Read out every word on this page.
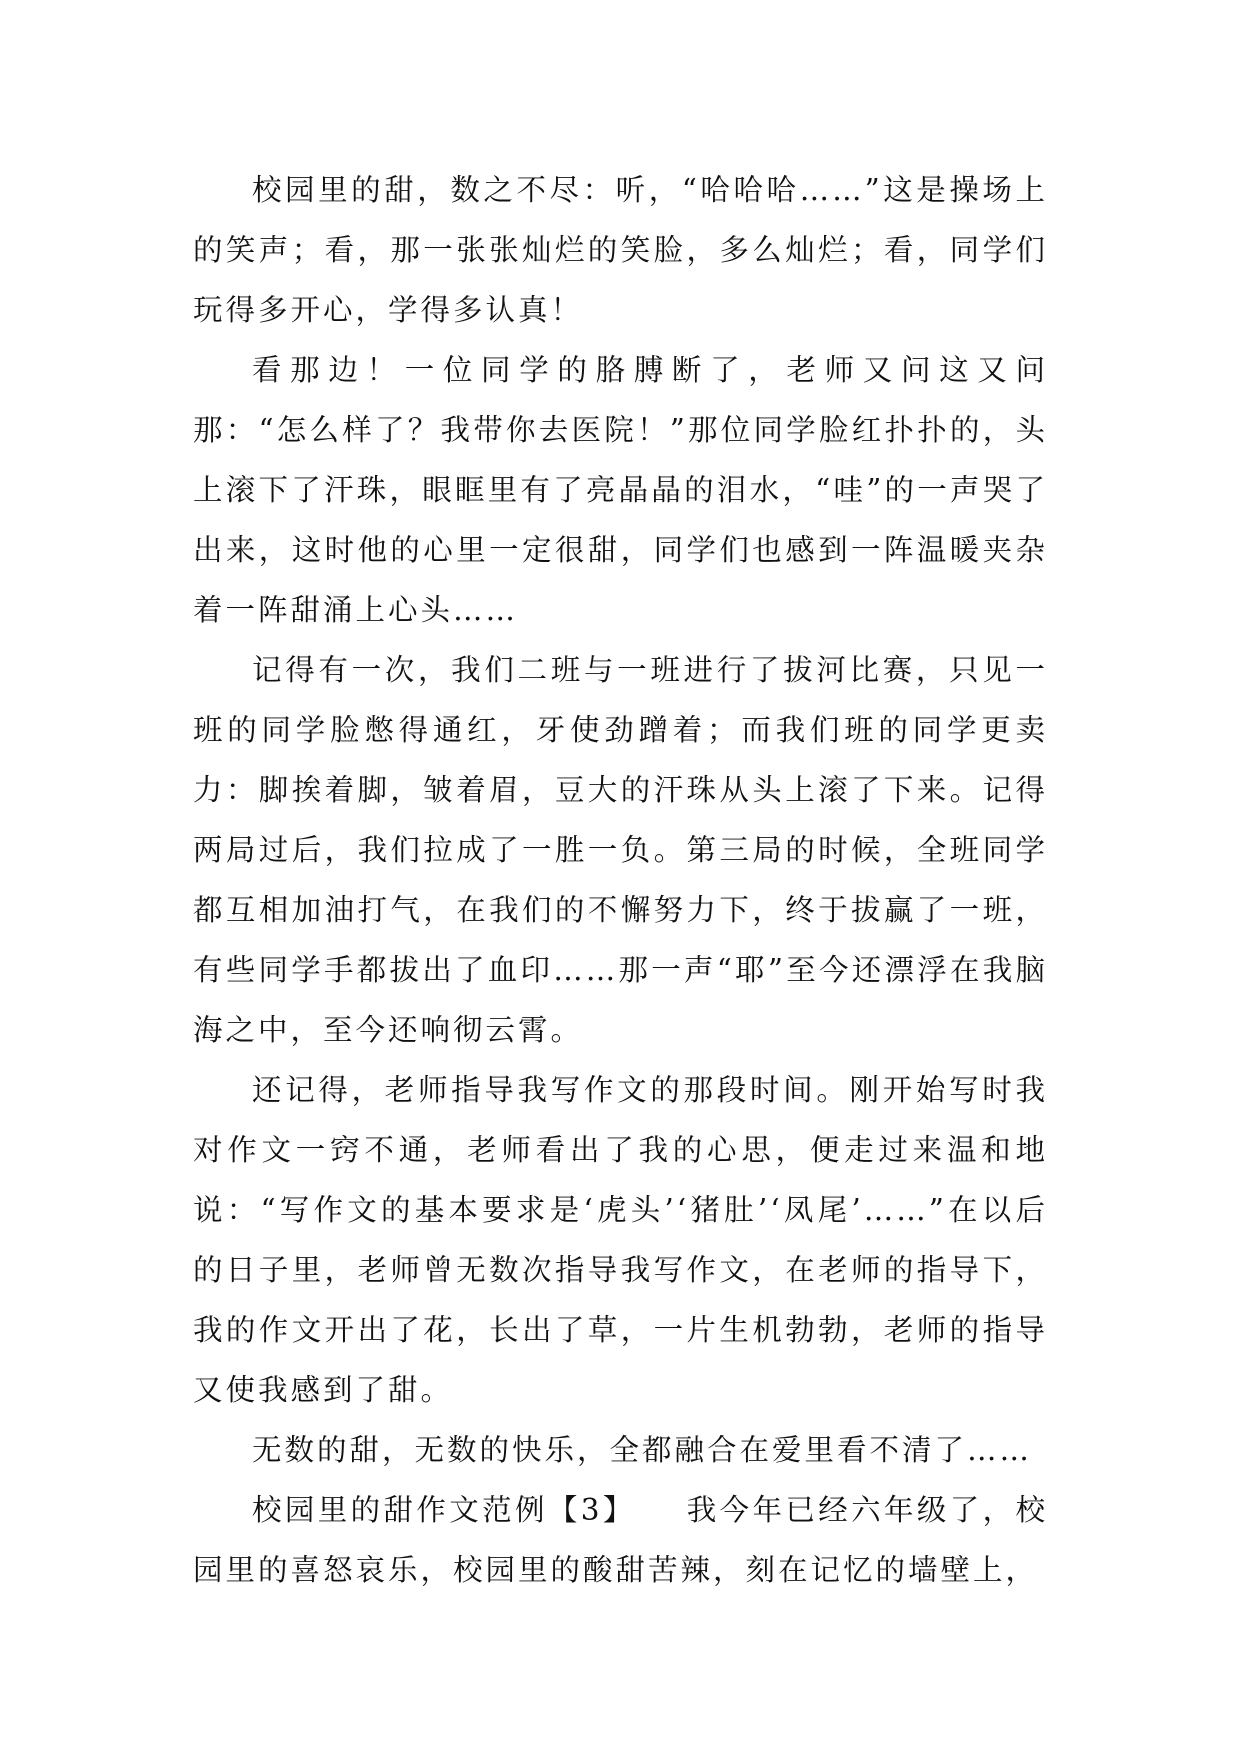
校园里的甜，数之不尽：听，“哈哈哈……”这是操场上的笑声；看，那一张张灿烂的笑脸，多么灿烂；看，同学们玩得多开心，学得多认真！

看那边！一位同学的胳膊断了，老师又问这又问那：“怎么样了？我带你去医院！”那位同学脸红扑扑的，头上滚下了汗珠，眼眶里有了亮晶晶的泪水，“哇”的一声哭了出来，这时他的心里一定很甜，同学们也感到一阵温暖夹杂着一阵甜涌上心头……

记得有一次，我们二班与一班进行了拔河比赛，只见一班的同学脸憋得通红，牙使劲蹭着；而我们班的同学更卖力：脚挨着脚，皱着眉，豆大的汗珠从头上滚了下来。记得两局过后，我们拉成了一胜一负。第三局的时候，全班同学都互相加油打气，在我们的不懈努力下，终于拔赢了一班，有些同学手都拔出了血印……那一声“耶”至今还漂浮在我脑海之中，至今还响彻云霄。

还记得，老师指导我写作文的那段时间。刚开始写时我对作文一窍不通，老师看出了我的心思，便走过来温和地说：“写作文的基本要求是‘虎头’‘猪肚’‘凤尾’……”在以后的日子里，老师曾无数次指导我写作文，在老师的指导下，我的作文开出了花，长出了草，一片生机勃勃，老师的指导又使我感到了甜。

无数的甜，无数的快乐，全都融合在爱里看不清了……

校园里的甜作文范例【3】　　我今年已经六年级了，校园里的喜怒哀乐，校园里的酸甜苦辣，刻在记忆的墙壁上，
